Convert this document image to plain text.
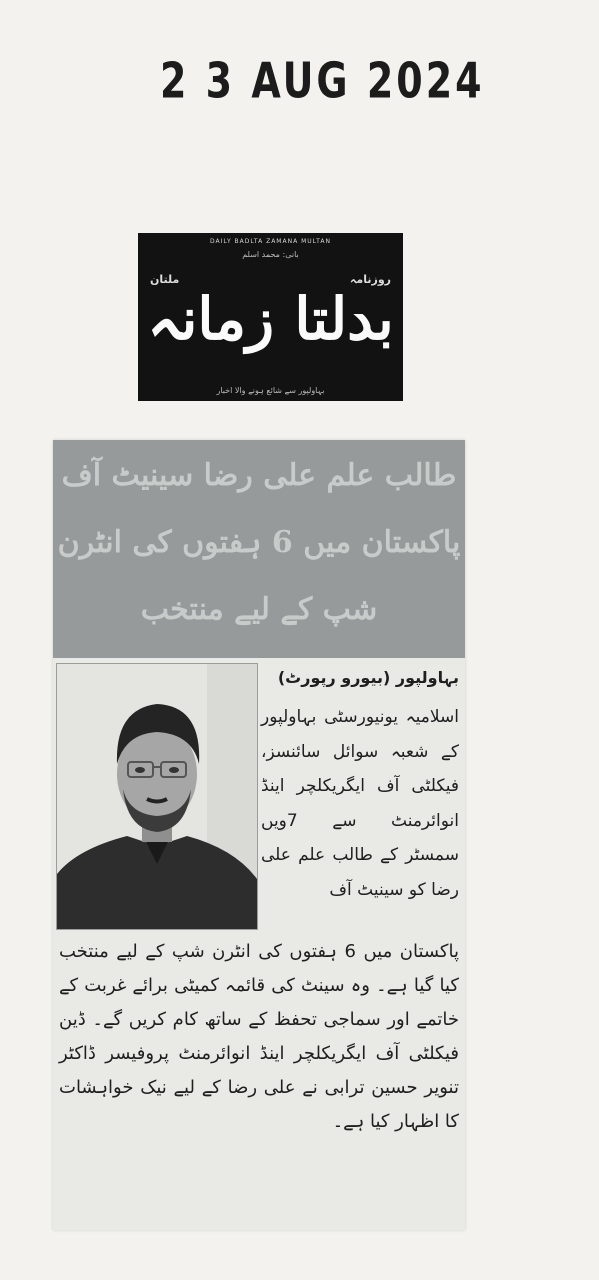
2 3 AUG 2024
DAILY BADLTA ZAMANA MULTAN
بانی: محمد اسلم
روزنامہ
ملتان
بدلتا زمانہ
بہاولپور سے شائع ہونے والا اخبار
طالب علم علی رضا سینیٹ آف
پاکستان میں 6 ہفتوں کی انٹرن
شپ کے لیے منتخب
بہاولپور (بیورو رپورٹ)
اسلامیہ یونیورسٹی بہاولپور کے شعبہ سوائل سائنسز، فیکلٹی آف ایگریکلچر اینڈ انوائرمنٹ سے 7ویں سمسٹر کے طالب علم علی رضا کو سینیٹ آف
پاکستان میں 6 ہفتوں کی انٹرن شپ کے لیے منتخب کیا گیا ہے۔ وہ سینٹ کی قائمہ کمیٹی برائے غربت کے خاتمے اور سماجی تحفظ کے ساتھ کام کریں گے۔ ڈین فیکلٹی آف ایگریکلچر اینڈ انوائرمنٹ پروفیسر ڈاکٹر تنویر حسین ترابی نے علی رضا کے لیے نیک خواہشات کا اظہار کیا ہے۔
